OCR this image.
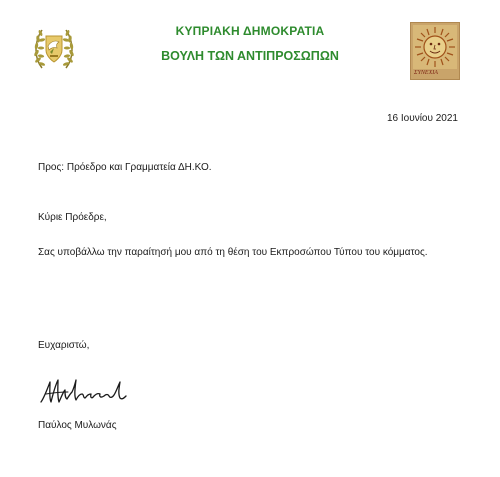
ΚΥΠΡΙΑΚΗ ΔΗΜΟΚΡΑΤΙΑ
ΒΟΥΛΗ ΤΩΝ ΑΝΤΙΠΡΟΣΩΠΩΝ
ΣΥΝΕΧΙΑ
16 Ιουνίου 2021
Προς: Πρόεδρο και Γραμματεία ΔΗ.ΚΟ.
Κύριε Πρόεδρε,
Σας υποβάλλω την παραίτησή μου από τη θέση του Εκπροσώπου Τύπου του κόμματος.
Ευχαριστώ,
Παύλος Μυλωνάς
